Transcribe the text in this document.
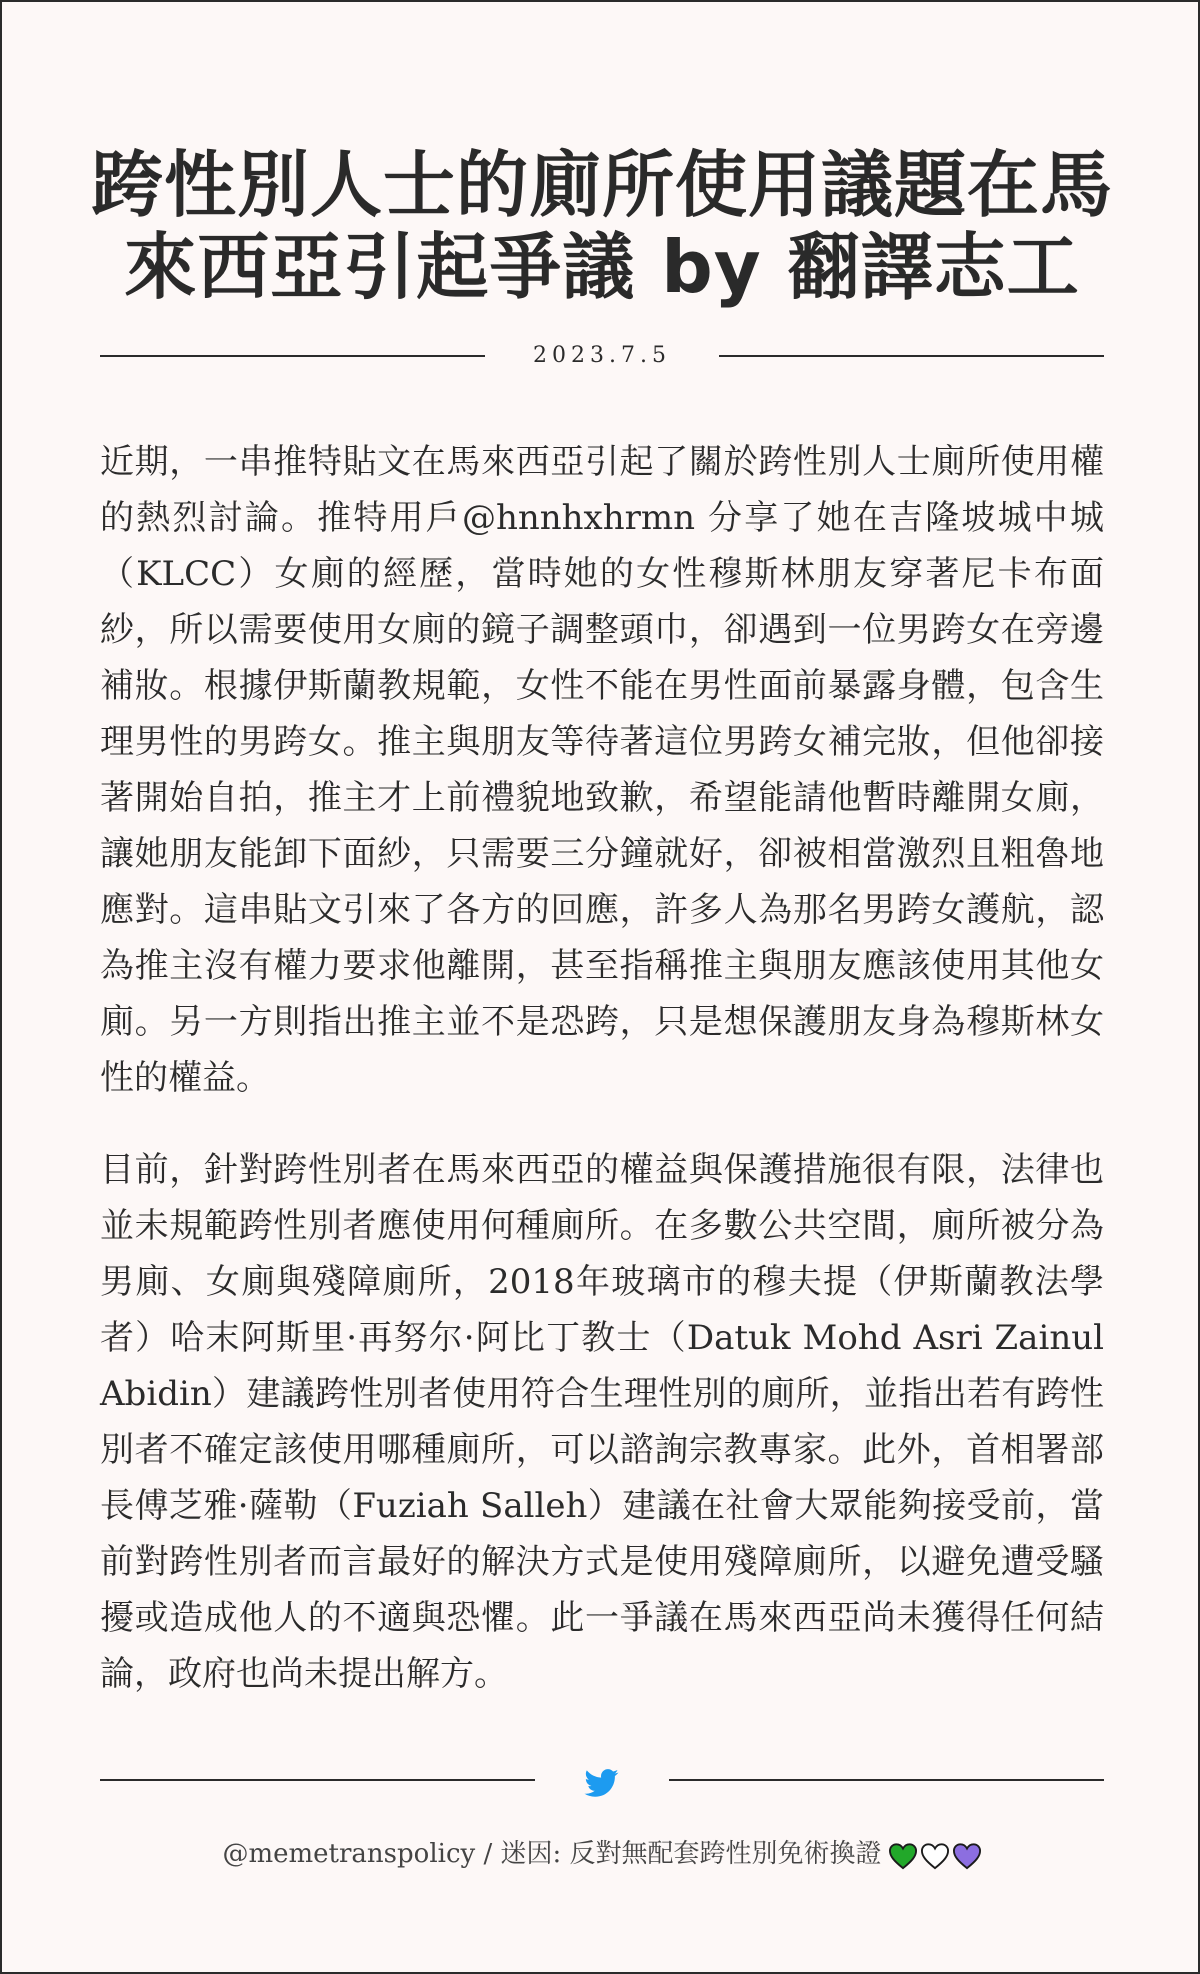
跨性別人士的廁所使用議題在馬來西亞引起爭議 by 翻譯志工
2023.7.5

近期，一串推特貼文在馬來西亞引起了關於跨性別人士廁所使用權的熱烈討論。推特用戶@hnnhxhrmn 分享了她在吉隆坡城中城（KLCC）女廁的經歷，當時她的女性穆斯林朋友穿著尼卡布面紗，所以需要使用女廁的鏡子調整頭巾，卻遇到一位男跨女在旁邊補妝。根據伊斯蘭教規範，女性不能在男性面前暴露身體，包含生理男性的男跨女。推主與朋友等待著這位男跨女補完妝，但他卻接著開始自拍，推主才上前禮貌地致歉，希望能請他暫時離開女廁，讓她朋友能卸下面紗，只需要三分鐘就好，卻被相當激烈且粗魯地應對。這串貼文引來了各方的回應，許多人為那名男跨女護航，認為推主沒有權力要求他離開，甚至指稱推主與朋友應該使用其他女廁。另一方則指出推主並不是恐跨，只是想保護朋友身為穆斯林女性的權益。

目前，針對跨性別者在馬來西亞的權益與保護措施很有限，法律也並未規範跨性別者應使用何種廁所。在多數公共空間，廁所被分為男廁、女廁與殘障廁所，2018年玻璃市的穆夫提（伊斯蘭教法學者）哈末阿斯里·再努尔·阿比丁教士（Datuk Mohd Asri Zainul Abidin）建議跨性別者使用符合生理性別的廁所，並指出若有跨性別者不確定該使用哪種廁所，可以諮詢宗教專家。此外，首相署部長傅芝雅·薩勒（Fuziah Salleh）建議在社會大眾能夠接受前，當前對跨性別者而言最好的解決方式是使用殘障廁所，以避免遭受騷擾或造成他人的不適與恐懼。此一爭議在馬來西亞尚未獲得任何結論，政府也尚未提出解方。

@memetranspolicy / 迷因: 反對無配套跨性別免術換證
